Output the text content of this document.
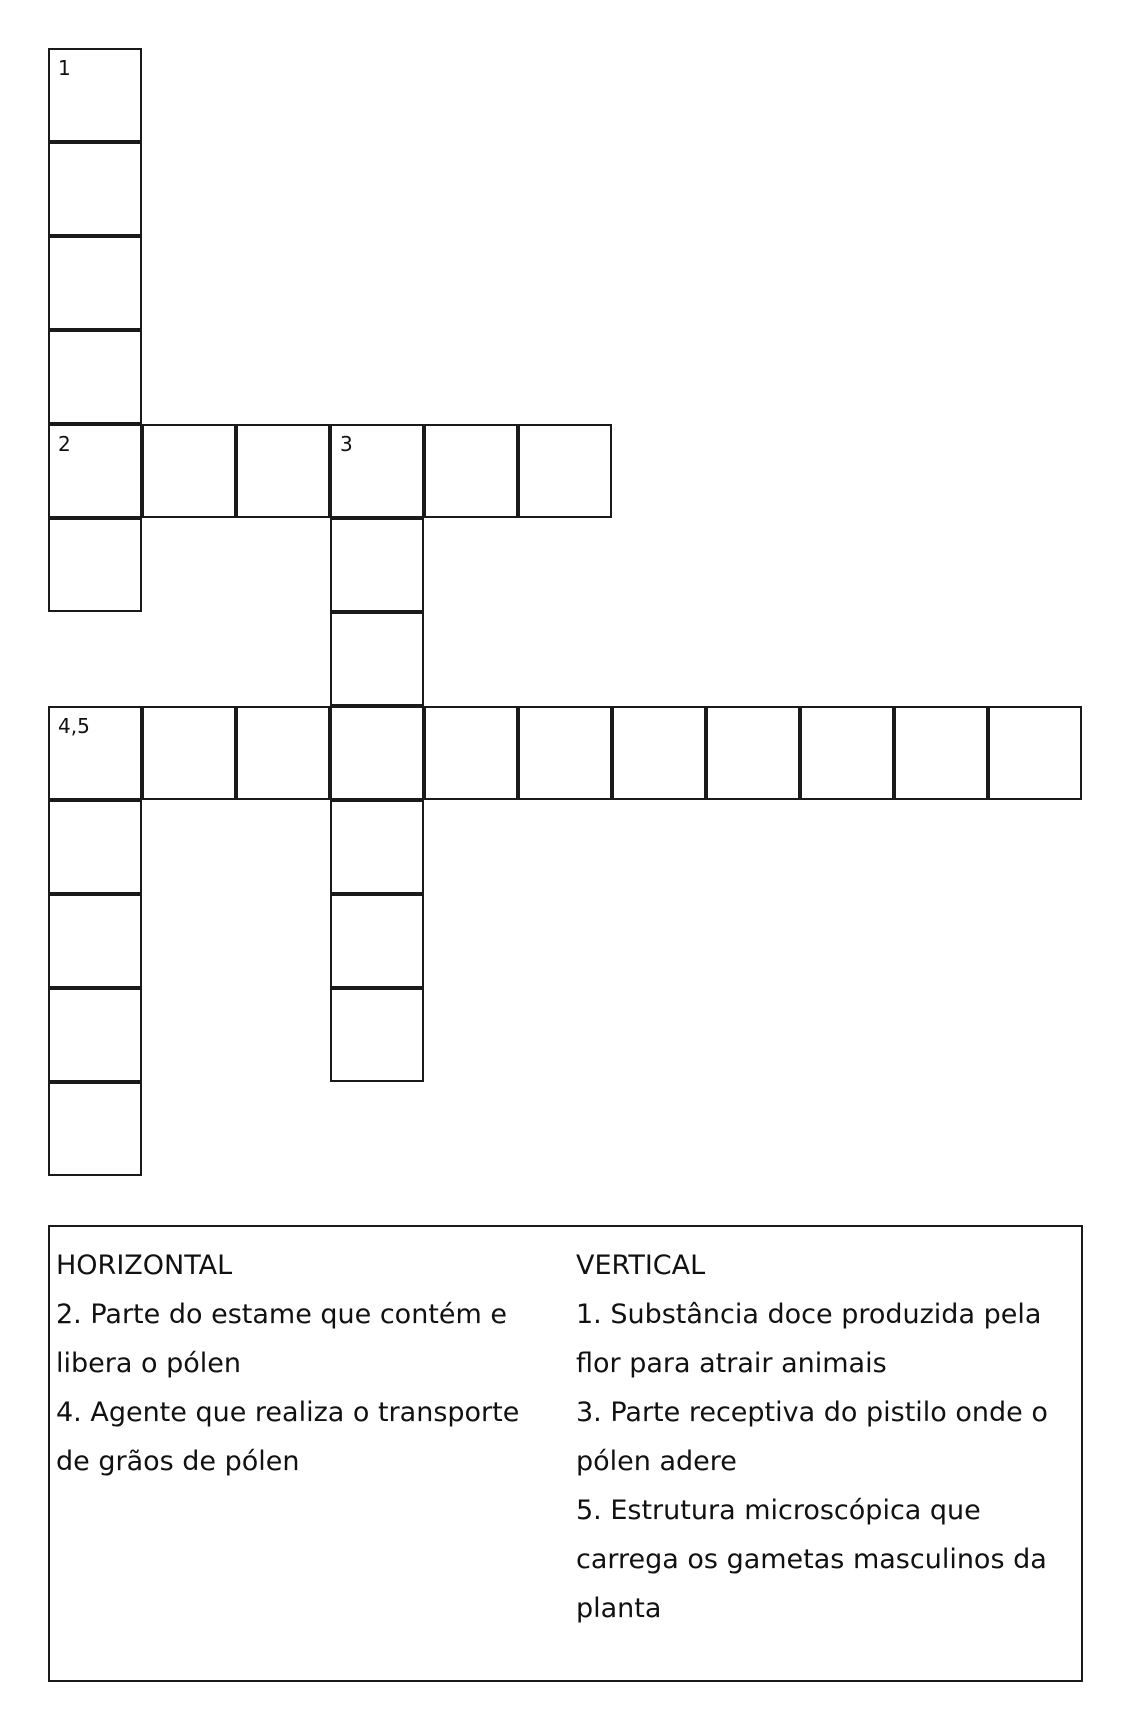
1
2	3
4,5
HORIZONTAL
2. Parte do estame que contém e libera o pólen
4. Agente que realiza o transporte de grãos de pólen
VERTICAL
1. Substância doce produzida pela flor para atrair animais
3. Parte receptiva do pistilo onde o pólen adere
5. Estrutura microscópica que carrega os gametas masculinos da planta
